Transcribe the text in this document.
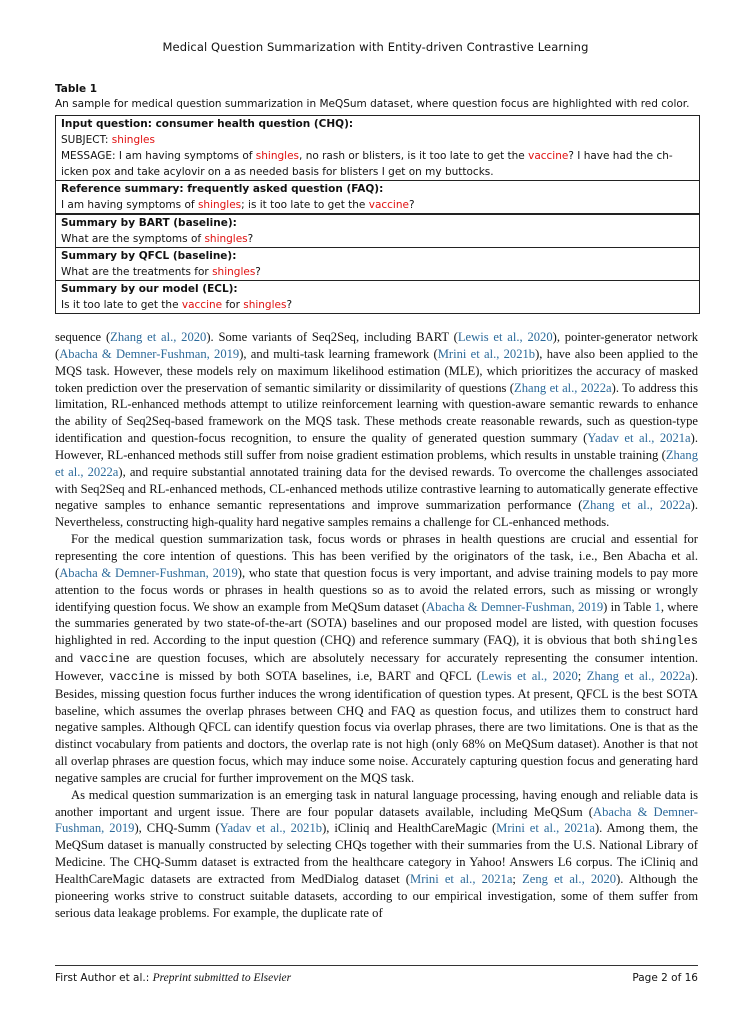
Medical Question Summarization with Entity-driven Contrastive Learning
Table 1
An sample for medical question summarization in MeQSum dataset, where question focus are highlighted with red color.
Input question: consumer health question (CHQ):
SUBJECT: shingles
MESSAGE: I am having symptoms of shingles, no rash or blisters, is it too late to get the vaccine? I have had the ch-icken pox and take acylovir on a as needed basis for blisters I get on my buttocks.
Reference summary: frequently asked question (FAQ):
I am having symptoms of shingles; is it too late to get the vaccine?
Summary by BART (baseline):
What are the symptoms of shingles?
Summary by QFCL (baseline):
What are the treatments for shingles?
Summary by our model (ECL):
Is it too late to get the vaccine for shingles?

sequence (Zhang et al., 2020). Some variants of Seq2Seq, including BART (Lewis et al., 2020), pointer-generator network (Abacha & Demner-Fushman, 2019), and multi-task learning framework (Mrini et al., 2021b), have also been applied to the MQS task. However, these models rely on maximum likelihood estimation (MLE), which prioritizes the accuracy of masked token prediction over the preservation of semantic similarity or dissimilarity of questions (Zhang et al., 2022a). To address this limitation, RL-enhanced methods attempt to utilize reinforcement learning with question-aware semantic rewards to enhance the ability of Seq2Seq-based framework on the MQS task. These methods create reasonable rewards, such as question-type identification and question-focus recognition, to ensure the quality of generated question summary (Yadav et al., 2021a). However, RL-enhanced methods still suffer from noise gradient estimation problems, which results in unstable training (Zhang et al., 2022a), and require substantial annotated training data for the devised rewards. To overcome the challenges associated with Seq2Seq and RL-enhanced methods, CL-enhanced methods utilize contrastive learning to automatically generate effective negative samples to enhance semantic representations and improve summarization performance (Zhang et al., 2022a). Nevertheless, constructing high-quality hard negative samples remains a challenge for CL-enhanced methods.

For the medical question summarization task, focus words or phrases in health questions are crucial and essential for representing the core intention of questions. This has been verified by the originators of the task, i.e., Ben Abacha et al. (Abacha & Demner-Fushman, 2019), who state that question focus is very important, and advise training models to pay more attention to the focus words or phrases in health questions so as to avoid the related errors, such as missing or wrongly identifying question focus. We show an example from MeQSum dataset (Abacha & Demner-Fushman, 2019) in Table 1, where the summaries generated by two state-of-the-art (SOTA) baselines and our proposed model are listed, with question focuses highlighted in red. According to the input question (CHQ) and reference summary (FAQ), it is obvious that both shingles and vaccine are question focuses, which are absolutely necessary for accurately representing the consumer intention. However, vaccine is missed by both SOTA baselines, i.e, BART and QFCL (Lewis et al., 2020; Zhang et al., 2022a). Besides, missing question focus further induces the wrong identification of question types. At present, QFCL is the best SOTA baseline, which assumes the overlap phrases between CHQ and FAQ as question focus, and utilizes them to construct hard negative samples. Although QFCL can identify question focus via overlap phrases, there are two limitations. One is that as the distinct vocabulary from patients and doctors, the overlap rate is not high (only 68% on MeQSum dataset). Another is that not all overlap phrases are question focus, which may induce some noise. Accurately capturing question focus and generating hard negative samples are crucial for further improvement on the MQS task.

As medical question summarization is an emerging task in natural language processing, having enough and reliable data is another important and urgent issue. There are four popular datasets available, including MeQSum (Abacha & Demner-Fushman, 2019), CHQ-Summ (Yadav et al., 2021b), iCliniq and HealthCareMagic (Mrini et al., 2021a). Among them, the MeQSum dataset is manually constructed by selecting CHQs together with their summaries from the U.S. National Library of Medicine. The CHQ-Summ dataset is extracted from the healthcare category in Yahoo! Answers L6 corpus. The iCliniq and HealthCareMagic datasets are extracted from MedDialog dataset (Mrini et al., 2021a; Zeng et al., 2020). Although the pioneering works strive to construct suitable datasets, according to our empirical investigation, some of them suffer from serious data leakage problems. For example, the duplicate rate of

First Author et al.: Preprint submitted to Elsevier	Page 2 of 16
